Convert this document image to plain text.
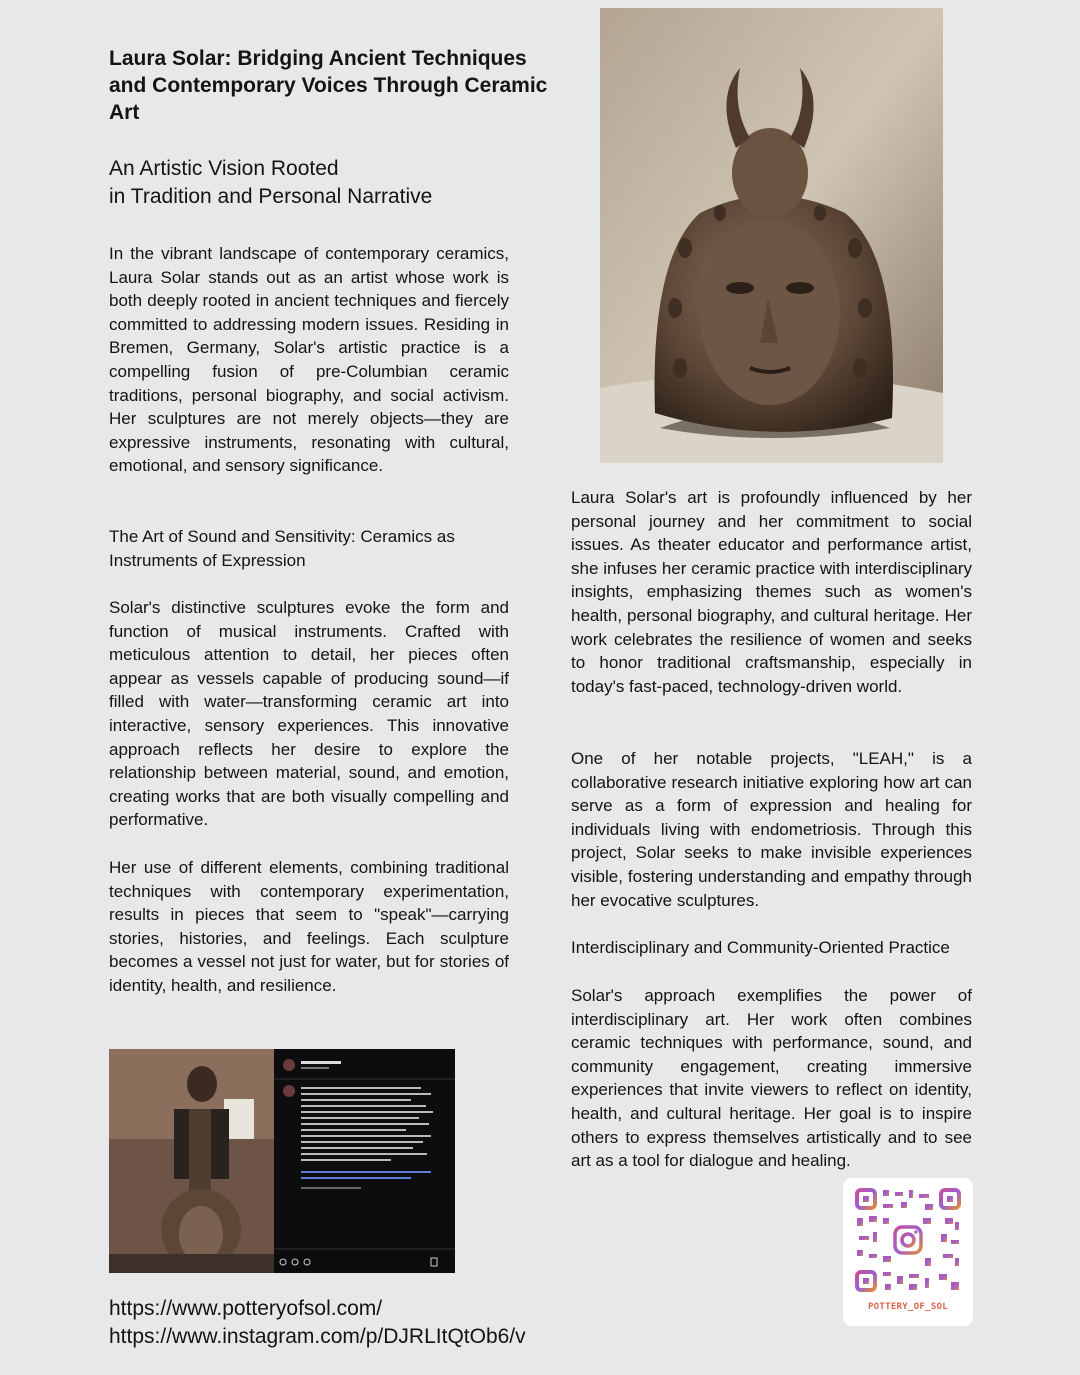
Laura Solar: Bridging Ancient Techniques and Contemporary Voices Through Ceramic Art
An Artistic Vision Rooted
in Tradition and Personal Narrative

In the vibrant landscape of contemporary ceramics, Laura Solar stands out as an artist whose work is both deeply rooted in ancient techniques and fiercely committed to addressing modern issues. Residing in Bremen, Germany, Solar's artistic practice is a compelling fusion of pre-Columbian ceramic traditions, personal biography, and social activism. Her sculptures are not merely objects—they are expressive instruments, resonating with cultural, emotional, and sensory significance.

The Art of Sound and Sensitivity: Ceramics as Instruments of Expression

Solar's distinctive sculptures evoke the form and function of musical instruments. Crafted with meticulous attention to detail, her pieces often appear as vessels capable of producing sound—if filled with water—transforming ceramic art into interactive, sensory experiences. This innovative approach reflects her desire to explore the relationship between material, sound, and emotion, creating works that are both visually compelling and performative.

Her use of different elements, combining traditional techniques with contemporary experimentation, results in pieces that seem to "speak"—carrying stories, histories, and feelings. Each sculpture becomes a vessel not just for water, but for stories of identity, health, and resilience.

Laura Solar's art is profoundly influenced by her personal journey and her commitment to social issues. As theater educator and performance artist, she infuses her ceramic practice with interdisciplinary insights, emphasizing themes such as women's health, personal biography, and cultural heritage. Her work celebrates the resilience of women and seeks to honor traditional craftsmanship, especially in today's fast-paced, technology-driven world.

One of her notable projects, "LEAH," is a collaborative research initiative exploring how art can serve as a form of expression and healing for individuals living with endometriosis. Through this project, Solar seeks to make invisible experiences visible, fostering understanding and empathy through her evocative sculptures.

Interdisciplinary and Community-Oriented Practice

Solar's approach exemplifies the power of interdisciplinary art. Her work often combines ceramic techniques with performance, sound, and community engagement, creating immersive experiences that invite viewers to reflect on identity, health, and cultural heritage. Her goal is to inspire others to express themselves artistically and to see art as a tool for dialogue and healing.

https://www.potteryofsol.com/

https://www.instagram.com/p/DJRLItQtOb6/v

POTTERY_OF_SOL
